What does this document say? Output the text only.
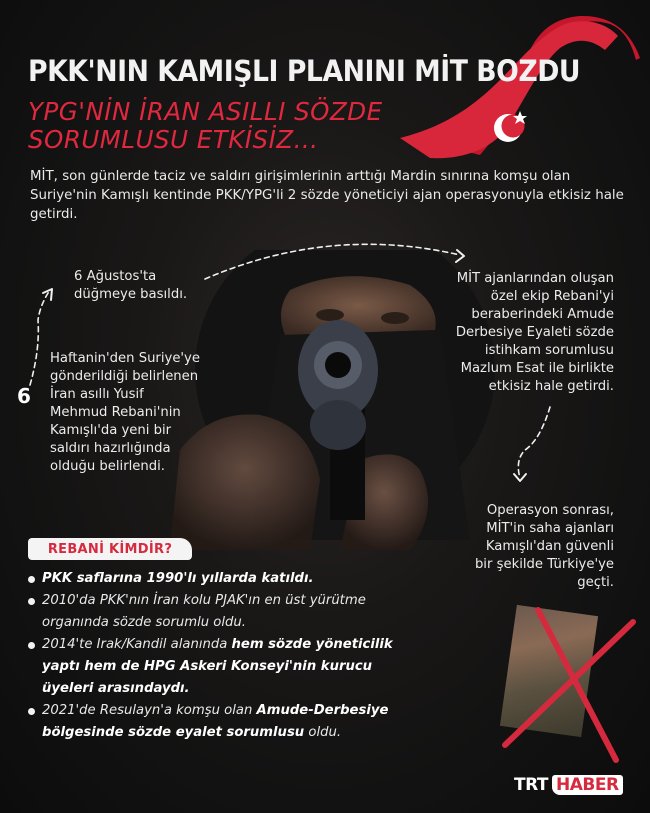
PKK'NIN KAMIŞLI PLANINI MİT BOZDU
YPG'NİN İRAN ASILLI SÖZDE
SORUMLUSU ETKİSİZ...
MİT, son günlerde taciz ve saldırı girişimlerinin arttığı Mardin sınırına komşu olan Suriye'nin Kamışlı kentinde PKK/YPG'li 2 sözde yöneticiyi ajan operasyonuyla etkisiz hale getirdi.
6
6 Ağustos'ta
düğmeye basıldı.
Haftanin'den Suriye'ye
gönderildiği belirlenen
İran asıllı Yusif
Mehmud Rebani'nin
Kamışlı'da yeni bir
saldırı hazırlığında
olduğu belirlendi.
MİT ajanlarından oluşan
özel ekip Rebani'yi
beraberindeki Amude
Derbesiye Eyaleti sözde
istihkam sorumlusu
Mazlum Esat ile birlikte
etkisiz hale getirdi.
Operasyon sonrası,
MİT'in saha ajanları
Kamışlı'dan güvenli
bir şekilde Türkiye'ye
geçti.
REBANİ KİMDİR?
PKK saflarına 1990'lı yıllarda katıldı.
2010'da PKK'nın İran kolu PJAK'ın en üst yürütme organında sözde sorumlu oldu.
2014'te Irak/Kandil alanında hem sözde yöneticilik yaptı hem de HPG Askeri Konseyi'nin kurucu üyeleri arasındaydı.
2021'de Resulayn'a komşu olan Amude-Derbesiye bölgesinde sözde eyalet sorumlusu oldu.
TRT HABER
